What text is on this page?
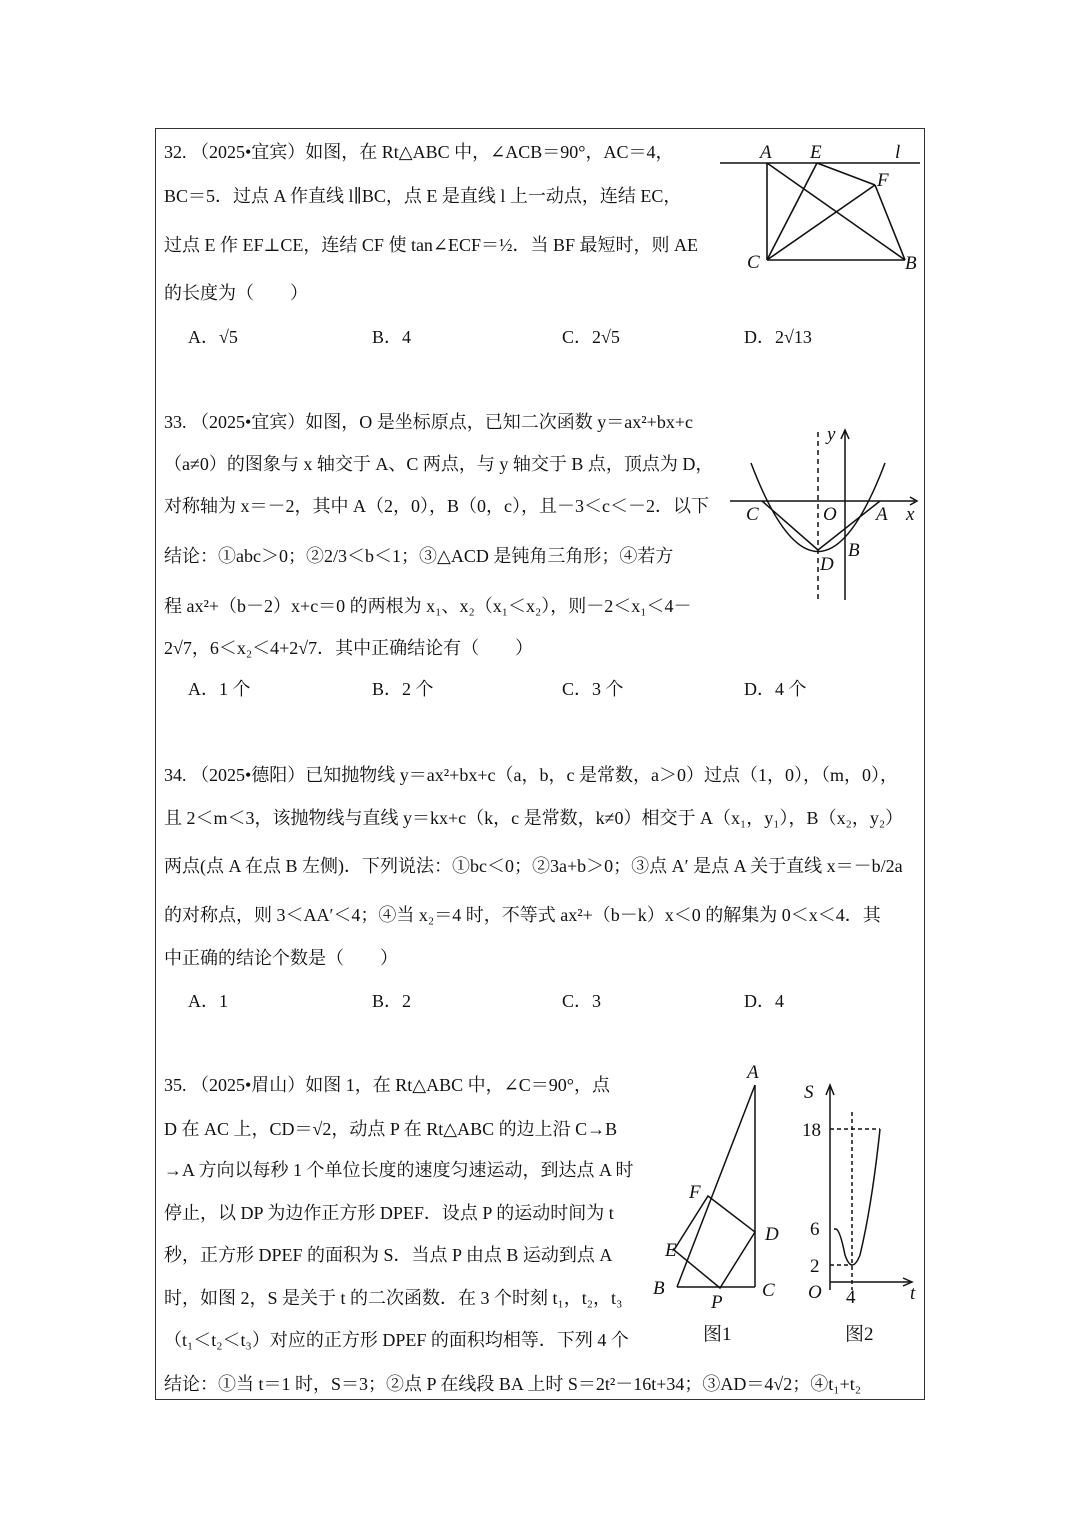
32. （2025•宜宾）如图，在 Rt△ABC 中，∠ACB＝90°，AC＝4，
BC＝5．过点 A 作直线 l∥BC，点 E 是直线 l 上一动点，连结 EC，
过点 E 作 EF⊥CE，连结 CF 使 tan∠ECF＝½．当 BF 最短时，则 AE
的长度为（　　）
A．√5	B．4	C．2√5	D．2√13
A E	l
F
C	B
33. （2025•宜宾）如图，O 是坐标原点，已知二次函数 y＝ax²+bx+c
（a≠0）的图象与 x 轴交于 A、C 两点，与 y 轴交于 B 点，顶点为 D，
对称轴为 x＝－2，其中 A（2，0），B（0，c），且－3＜c＜－2．以下
结论：①abc＞0；②2/3＜b＜1；③△ACD 是钝角三角形；④若方
程 ax²+（b－2）x+c＝0 的两根为 x₁、x₂（x₁＜x₂），则－2＜x₁＜4－
2√7，6＜x₂＜4+2√7．其中正确结论有（　　）
A．1 个	B．2 个	C．3 个	D．4 个
y
x
C	O A
B
D
34. （2025•德阳）已知抛物线 y＝ax²+bx+c（a，b，c 是常数，a＞0）过点（1，0），（m，0），
且 2＜m＜3，该抛物线与直线 y＝kx+c（k，c 是常数，k≠0）相交于 A（x₁，y₁），B（x₂，y₂）
两点(点 A 在点 B 左侧)．下列说法：①bc＜0；②3a+b＞0；③点 A′ 是点 A 关于直线 x＝－b/2a
的对称点，则 3＜AA′＜4；④当 x₂＝4 时，不等式 ax²+（b－k）x＜0 的解集为 0＜x＜4．其
中正确的结论个数是（　　）
A．1	B．2	C．3	D．4
35. （2025•眉山）如图 1，在 Rt△ABC 中，∠C＝90°，点
D 在 AC 上，CD＝√2，动点 P 在 Rt△ABC 的边上沿 C→B
→A 方向以每秒 1 个单位长度的速度匀速运动，到达点 A 时
停止，以 DP 为边作正方形 DPEF．设点 P 的运动时间为 t
秒，正方形 DPEF 的面积为 S．当点 P 由点 B 运动到点 A
时，如图 2，S 是关于 t 的二次函数．在 3 个时刻 t₁，t₂，t₃
（t₁＜t₂＜t₃）对应的正方形 DPEF 的面积均相等．下列 4 个
结论：①当 t＝1 时，S＝3；②点 P 在线段 BA 上时 S＝2t²－16t+34；③AD＝4√2；④t₁+t₂
A
F
E
D
B
P
C
图1
S
18
6
2
O 4	t
图2
